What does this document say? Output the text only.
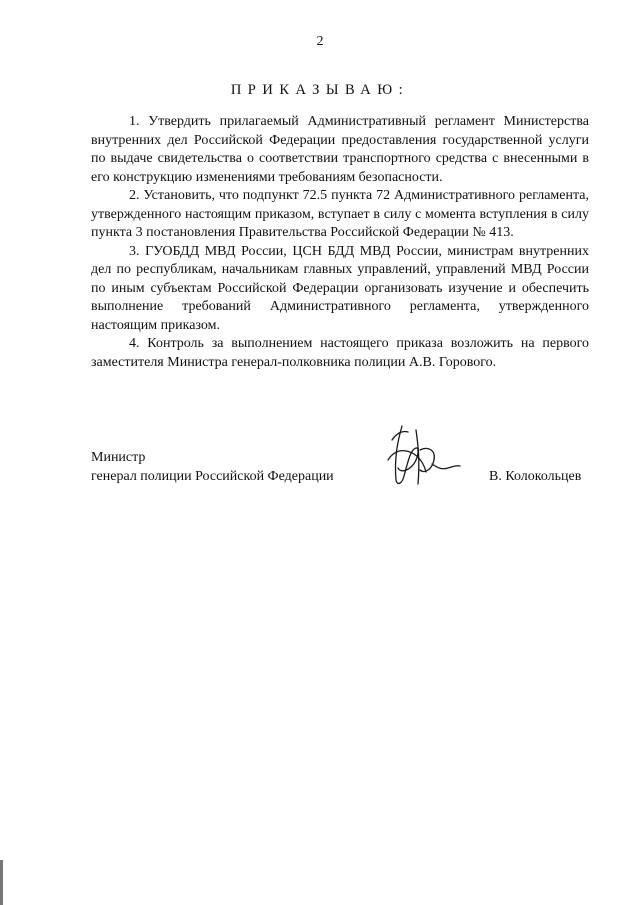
2
ПРИКАЗЫВАЮ:

1. Утвердить прилагаемый Административный регламент Министерства внутренних дел Российской Федерации предоставления государственной услуги по выдаче свидетельства о соответствии транспортного средства с внесенными в его конструкцию изменениями требованиям безопасности.

2. Установить, что подпункт 72.5 пункта 72 Административного регламента, утвержденного настоящим приказом, вступает в силу с момента вступления в силу пункта 3 постановления Правительства Российской Федерации № 413.

3. ГУОБДД МВД России, ЦСН БДД МВД России, министрам внутренних дел по республикам, начальникам главных управлений, управлений МВД России по иным субъектам Российской Федерации организовать изучение и обеспечить выполнение требований Административного регламента, утвержденного настоящим приказом.

4. Контроль за выполнением настоящего приказа возложить на первого заместителя Министра генерал-полковника полиции А.В. Горового.

Министр
генерал полиции Российской Федерации	В. Колокольцев
